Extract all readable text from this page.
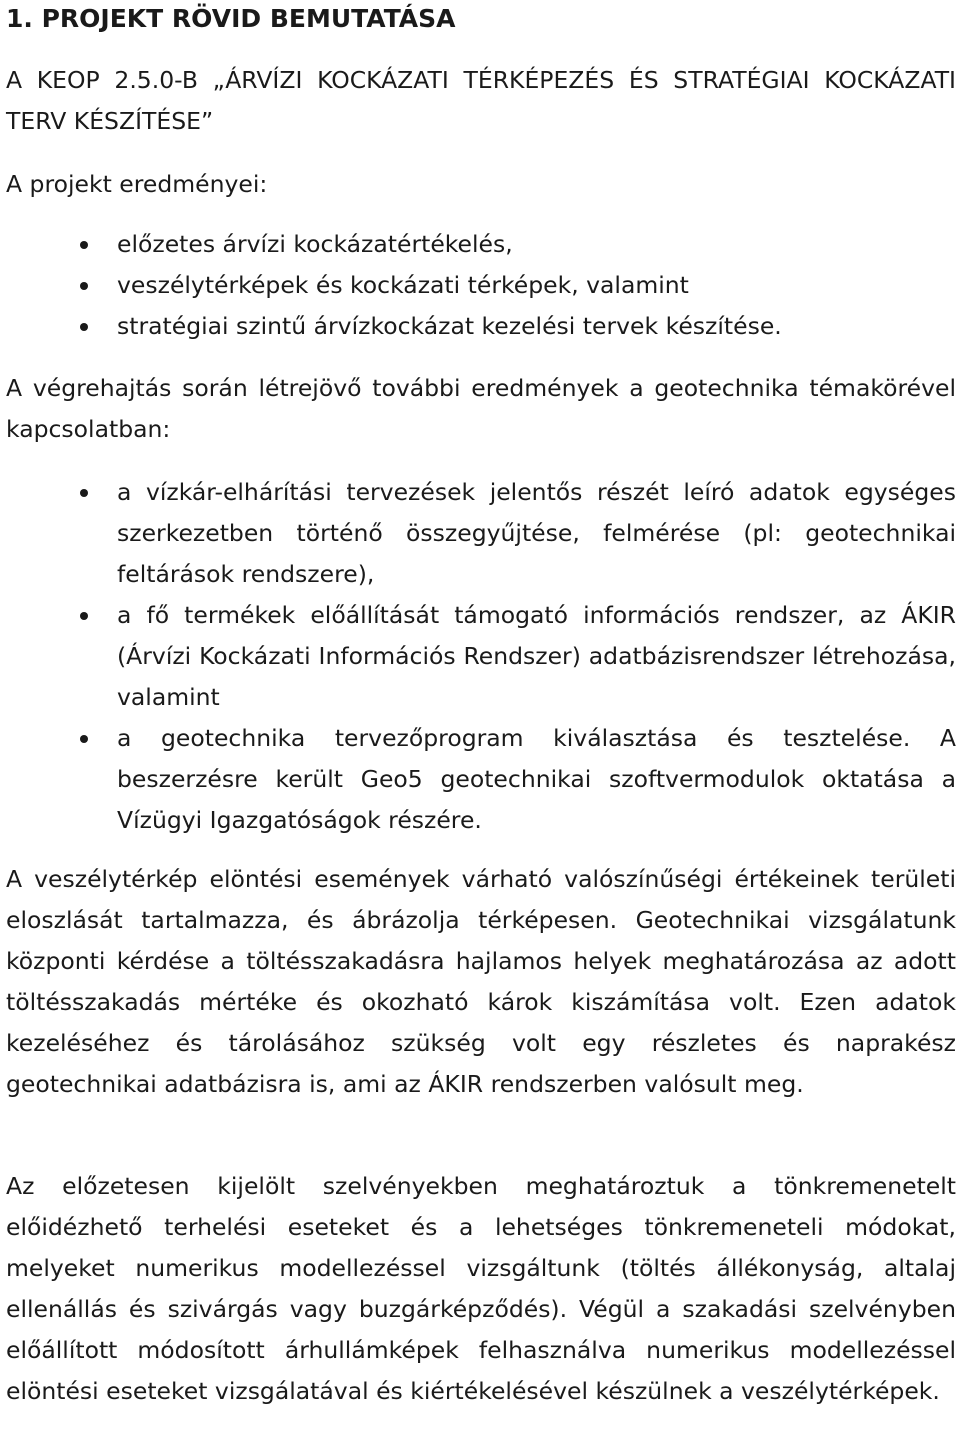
1. PROJEKT RÖVID BEMUTATÁSA
A KEOP 2.5.0-B „ÁRVÍZI KOCKÁZATI TÉRKÉPEZÉS ÉS STRATÉGIAI KOCKÁZATI TERV KÉSZÍTÉSE”
A projekt eredményei:
előzetes árvízi kockázatértékelés,
veszélytérképek és kockázati térképek, valamint
stratégiai szintű árvízkockázat kezelési tervek készítése.
A végrehajtás során létrejövő további eredmények a geotechnika témakörével kapcsolatban:
a vízkár-elhárítási tervezések jelentős részét leíró adatok egységes szerkezetben történő összegyűjtése, felmérése (pl: geotechnikai feltárások rendszere),
a fő termékek előállítását támogató információs rendszer, az ÁKIR (Árvízi Kockázati Információs Rendszer) adatbázisrendszer létrehozása, valamint
a geotechnika tervezőprogram kiválasztása és tesztelése. A beszerzésre került Geo5 geotechnikai szoftvermodulok oktatása a Vízügyi Igazgatóságok részére.
A veszélytérkép elöntési események várható valószínűségi értékeinek területi eloszlását tartalmazza, és ábrázolja térképesen. Geotechnikai vizsgálatunk központi kérdése a töltésszakadásra hajlamos helyek meghatározása az adott töltésszakadás mértéke és okozható károk kiszámítása volt. Ezen adatok kezeléséhez és tárolásához szükség volt egy részletes és naprakész geotechnikai adatbázisra is, ami az ÁKIR rendszerben valósult meg.
Az előzetesen kijelölt szelvényekben meghatároztuk a tönkremenetelt előidézhető terhelési eseteket és a lehetséges tönkremeneteli módokat, melyeket numerikus modellezéssel vizsgáltunk (töltés állékonyság, altalaj ellenállás és szivárgás vagy buzgárképződés). Végül a szakadási szelvényben előállított módosított árhullámképek felhasználva numerikus modellezéssel elöntési eseteket vizsgálatával és kiértékelésével készülnek a veszélytérképek.
